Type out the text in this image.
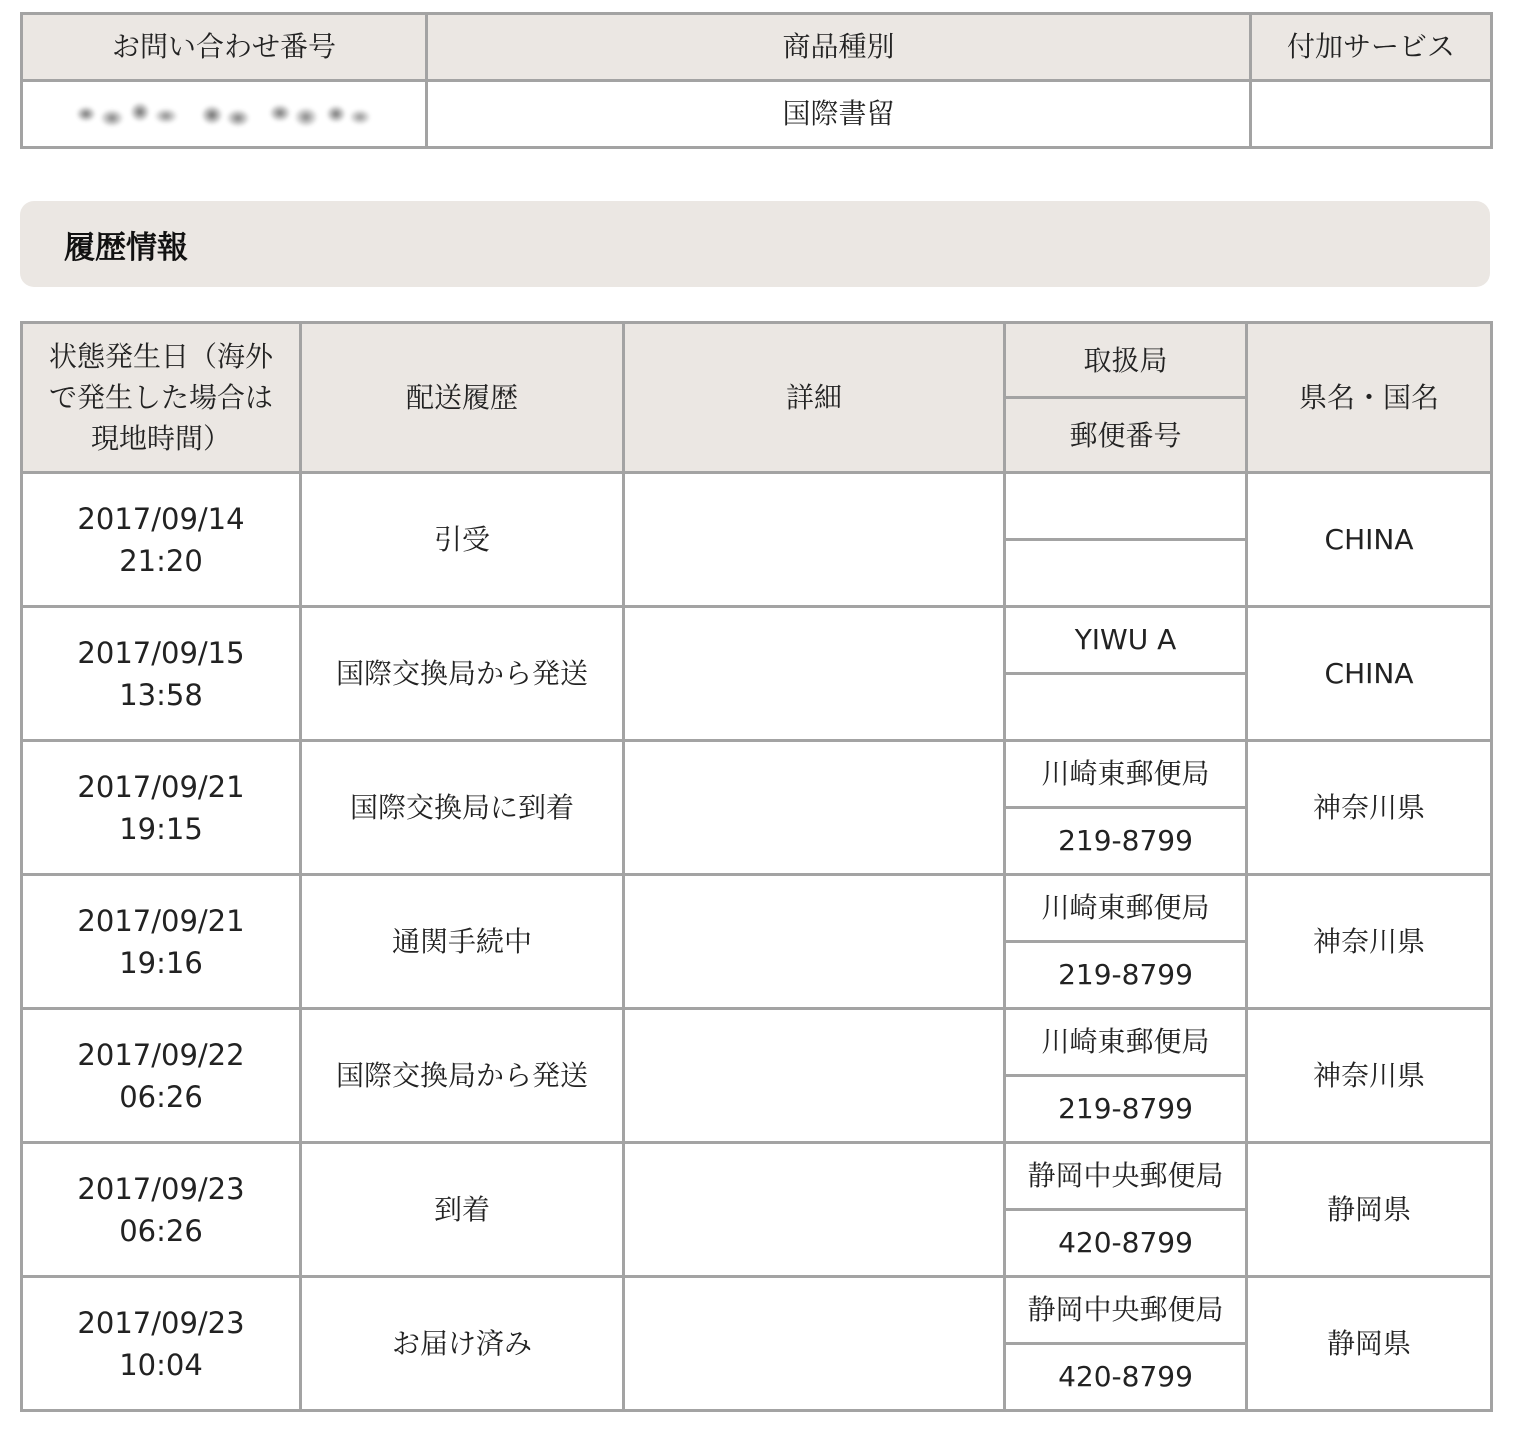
お問い合わせ番号	商品種別	付加サービス
	国際書留	
履歴情報
状態発生日（海外で発生した場合は現地時間）	配送履歴	詳細	取扱局	県名・国名
			郵便番号	

2017/09/14
21:20	引受			CHINA

2017/09/15
13:58	国際交換局から発送		YIWU A	CHINA

2017/09/21
19:15	国際交換局に到着		川崎東郵便局	神奈川県
			219-8799	

2017/09/21
19:16	通関手続中		川崎東郵便局	神奈川県
			219-8799	

2017/09/22
06:26	国際交換局から発送		川崎東郵便局	神奈川県
			219-8799	

2017/09/23
06:26	到着		静岡中央郵便局	静岡県
			420-8799	

2017/09/23
10:04	お届け済み		静岡中央郵便局	静岡県
			420-8799	
